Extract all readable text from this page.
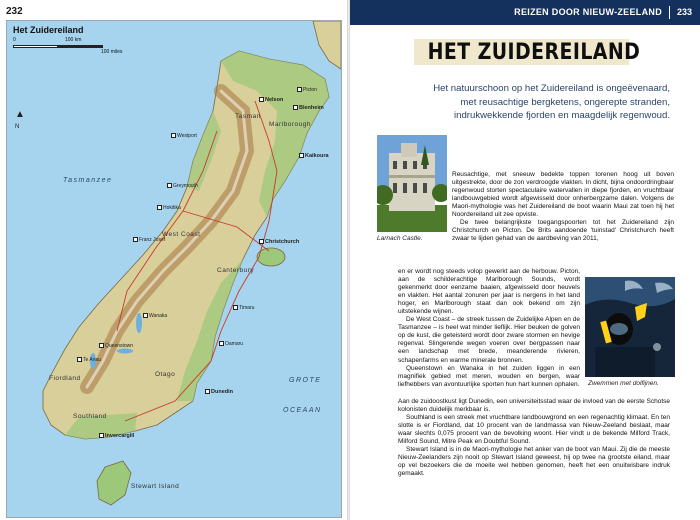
232
Het Zuidereiland
0	100 km
100 miles
▲
N
Tasmanzee
GROTE
OCEAAN
Tasman
Marlborough
West Coast
Canterbury
Otago
Southland
Fiordland
Stewart Island
Nelson
Blenheim
Picton
Kaikoura
Westport
Greymouth
Hokitika
Franz Josef	Christchurch
Timaru
Oamaru
Dunedin
Queenstown
Wanaka
Invercargill
Te Anau
REIZEN DOOR NIEUW-ZEELAND 233
HET ZUIDEREILAND
Het natuurschoon op het Zuidereiland is ongeëvenaard, met reusachtige bergketens, ongerepte stranden, indrukwekkende fjorden en maagdelijk regenwoud.
Larnach Castle.
Zwemmen met dolfijnen.

Reusachtige, met sneeuw bedekte toppen torenen hoog uit boven uitgestrekte, door de zon verdroogde vlakten. In dicht, bijna ondoordringbaar regenwoud storten spectaculaire watervallen in diepe fjorden, en vruchtbaar landbouwgebied wordt afgewisseld door onherbergzame dalen. Volgens de Maori-mythologie was het Zuidereiland de boot waarin Maui zat toen hij het Noordereiland uit zee opviste.

De twee belangrijkste toegangspoorten tot het Zuidereiland zijn Christchurch en Picton. De Brits aandoende 'tuinstad' Christchurch heeft zwaar te lijden gehad van de aardbeving van 2011,

en er wordt nog steeds volop gewerkt aan de herbouw. Picton, aan de schilderachtige Marlborough Sounds, wordt gekenmerkt door eenzame baaien, afgewisseld door heuvels en vlakten. Het aantal zonuren per jaar is nergens in het land hoger, en Marlborough staat dan ook bekend om zijn uitstekende wijnen.

De West Coast – de streek tussen de Zuidelijke Alpen en de Tasmanzee – is heel wat minder lieflijk. Hier beuken de golven op de kust, die geteisterd wordt door zware stormen en hevige regenval. Slingerende wegen voeren over bergpassen naar een landschap met brede, meanderende rivieren, schapenfarms en warme minerale bronnen.

Queenstown en Wanaka in het zuiden liggen in een magnifiek gebied met meren, wouden en bergen, waar liefhebbers van avontuurlijke sporten hun hart kunnen ophalen.

Aan de zuidoostkust ligt Dunedin, een universiteitsstad waar de invloed van de eerste Schotse kolonisten duidelijk merkbaar is.

Southland is een streek met vruchtbare landbouwgrond en een regenachtig klimaat. En ten slotte is er Fiordland, dat 10 procent van de landmassa van Nieuw-Zeeland beslaat, maar waar slechts 0,075 procent van de bevolking woont. Hier vindt u de bekende Milford Track, Milford Sound, Mitre Peak en Doubtful Sound.

Stewart Island is in de Maori-mythologie het anker van de boot van Maui. Zij die de meeste Nieuw-Zeelanders zijn nooit op Stewart Island geweest, hij op twee na grootste eiland, maar op vel bezoekers die de moeite wel hebben genomen, heeft het een onuitwisbare indruk gemaakt.
